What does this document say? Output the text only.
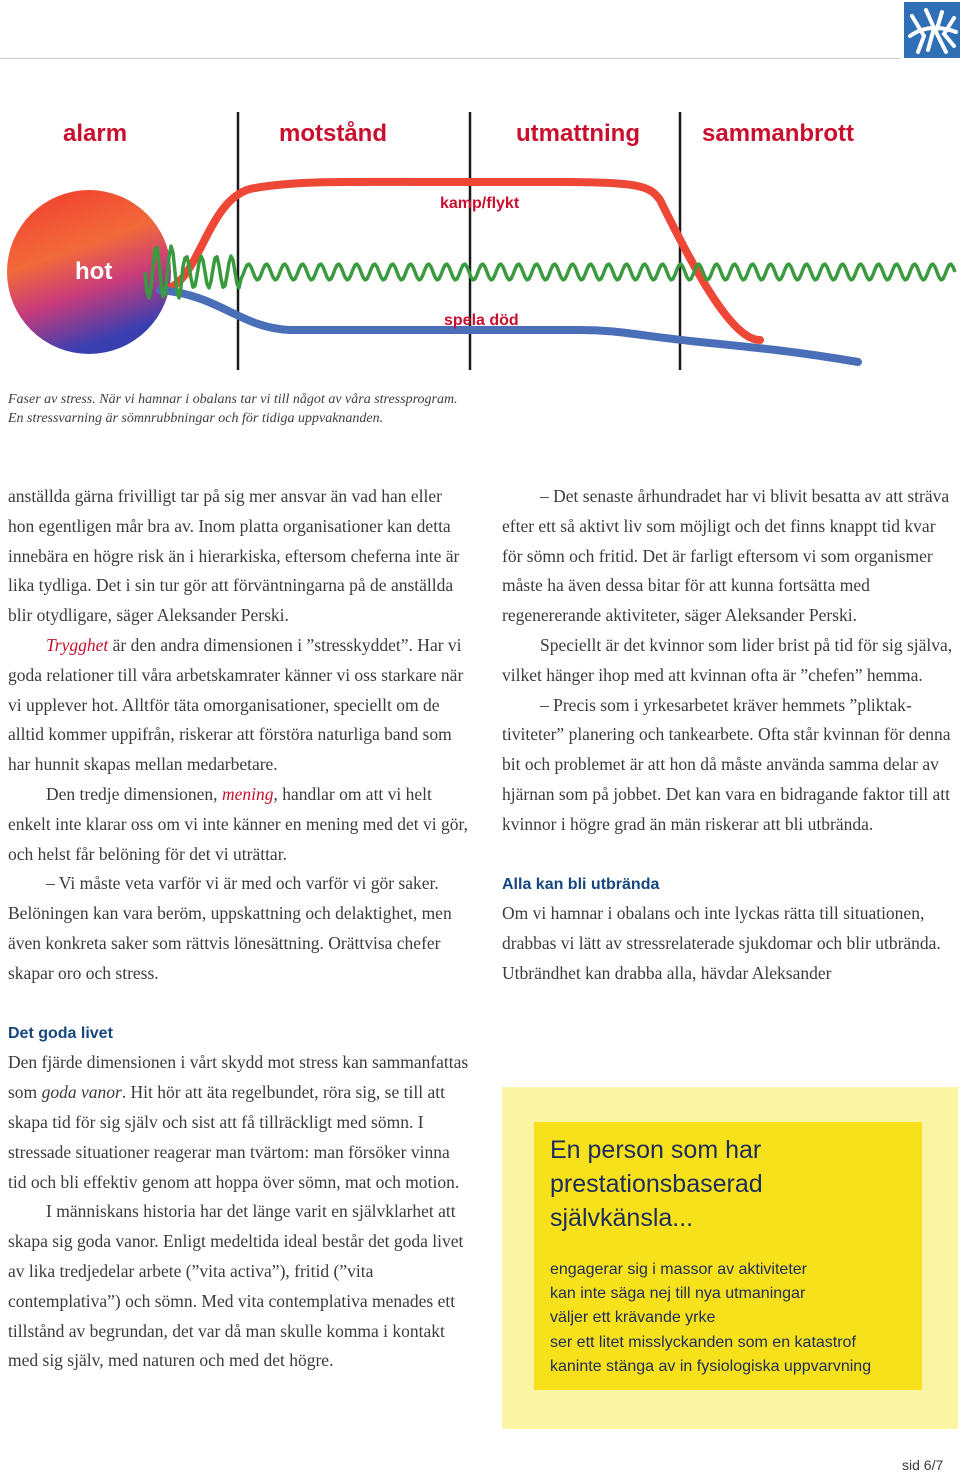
alarm	motstånd	utmattning	sammanbrott
hot
kamp/flykt
spela död
Faser av stress. När vi hamnar i obalans tar vi till något av våra stressprogram.
En stressvarning är sömnrubbningar och för tidiga uppvaknanden.

anställda gärna frivilligt tar på sig mer ansvar än vad han eller hon egentligen mår bra av. Inom platta organisationer kan detta innebära en högre risk än i hierarkiska, eftersom cheferna inte är lika tydliga. Det i sin tur gör att förväntningarna på de anställda blir otydligare, säger Aleksander Perski.

Trygghet är den andra dimensionen i ”stresskyddet”. Har vi goda relationer till våra arbetskamrater känner vi oss starkare när vi upplever hot. Alltför täta omorganisationer, speciellt om de alltid kommer uppifrån, riskerar att förstöra naturliga band som har hunnit skapas mellan medarbetare.

Den tredje dimensionen, mening, handlar om att vi helt enkelt inte klarar oss om vi inte känner en mening med det vi gör, och helst får belöning för det vi uträttar.

– Vi måste veta varför vi är med och varför vi gör saker. Belöningen kan vara beröm, uppskattning och delaktighet, men även konkreta saker som rättvis lönesättning. Orättvisa chefer skapar oro och stress.

Det goda livet

Den fjärde dimensionen i vårt skydd mot stress kan sammanfattas som goda vanor. Hit hör att äta regelbundet, röra sig, se till att skapa tid för sig själv och sist att få tillräckligt med sömn. I stressade situationer reagerar man tvärtom: man försöker vinna tid och bli effektiv genom att hoppa över sömn, mat och motion.

I människans historia har det länge varit en självklarhet att skapa sig goda vanor. Enligt medeltida ideal består det goda livet av lika tredjedelar arbete (”vita activa”), fritid (”vita contemplativa”) och sömn. Med vita contemplativa menades ett tillstånd av begrundan, det var då man skulle komma i kontakt med sig själv, med naturen och med det högre.

– Det senaste århundradet har vi blivit besatta av att sträva efter ett så aktivt liv som möjligt och det finns knappt tid kvar för sömn och fritid. Det är farligt eftersom vi som organismer måste ha även dessa bitar för att kunna fortsätta med regenererande aktiviteter, säger Aleksander Perski.

Speciellt är det kvinnor som lider brist på tid för sig själva, vilket hänger ihop med att kvinnan ofta är ”chefen” hemma.

– Precis som i yrkesarbetet kräver hemmets ”pliktaktiviteter” planering och tankearbete. Ofta står kvinnan för denna bit och problemet är att hon då måste använda samma delar av hjärnan som på jobbet. Det kan vara en bidragande faktor till att kvinnor i högre grad än män riskerar att bli utbrända.

Alla kan bli utbrända

Om vi hamnar i obalans och inte lyckas rätta till situationen, drabbas vi lätt av stressrelaterade sjukdomar och blir utbrända. Utbrändhet kan drabba alla, hävdar Aleksander

En person som har prestationsbaserad självkänsla...
engagerar sig i massor av aktiviteter
kan inte säga nej till nya utmaningar
väljer ett krävande yrke
ser ett litet misslyckanden som en katastrof
kaninte stänga av in fysiologiska uppvarvning
sid 6/7
